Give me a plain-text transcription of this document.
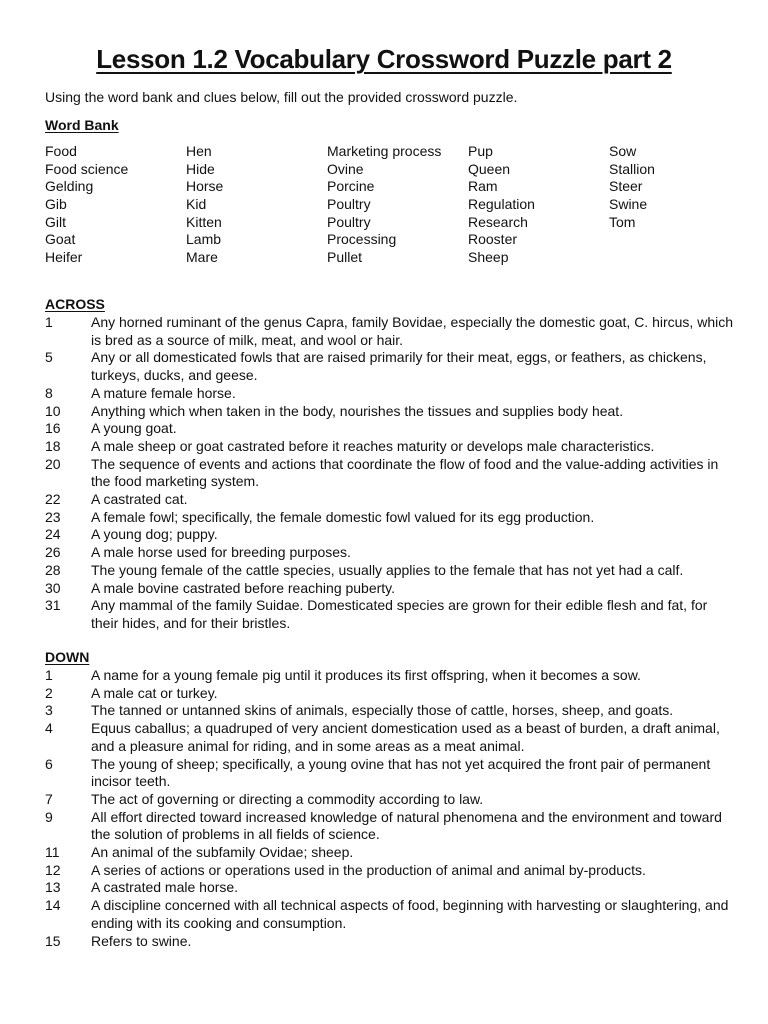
Lesson 1.2 Vocabulary Crossword Puzzle part 2
Using the word bank and clues below, fill out the provided crossword puzzle.
Word Bank
Food
Food science
Gelding
Gib
Gilt
Goat
Heifer
Hen
Hide
Horse
Kid
Kitten
Lamb
Mare
Marketing process
Ovine
Porcine
Poultry
Poultry
Processing
Pullet
Pup
Queen
Ram
Regulation
Research
Rooster
Sheep
Sow
Stallion
Steer
Swine
Tom
ACROSS
1	Any horned ruminant of the genus Capra, family Bovidae, especially the domestic goat, C. hircus, which is bred as a source of milk, meat, and wool or hair.
5	Any or all domesticated fowls that are raised primarily for their meat, eggs, or feathers, as chickens, turkeys, ducks, and geese.
8	A mature female horse.
10	Anything which when taken in the body, nourishes the tissues and supplies body heat.
16	A young goat.
18	A male sheep or goat castrated before it reaches maturity or develops male characteristics.
20	The sequence of events and actions that coordinate the flow of food and the value-adding activities in the food marketing system.
22	A castrated cat.
23	A female fowl; specifically, the female domestic fowl valued for its egg production.
24	A young dog; puppy.
26	A male horse used for breeding purposes.
28	The young female of the cattle species, usually applies to the female that has not yet had a calf.
30	A male bovine castrated before reaching puberty.
31	Any mammal of the family Suidae. Domesticated species are grown for their edible flesh and fat, for their hides, and for their bristles.
DOWN
1	A name for a young female pig until it produces its first offspring, when it becomes a sow.
2	A male cat or turkey.
3	The tanned or untanned skins of animals, especially those of cattle, horses, sheep, and goats.
4	Equus caballus; a quadruped of very ancient domestication used as a beast of burden, a draft animal, and a pleasure animal for riding, and in some areas as a meat animal.
6	The young of sheep; specifically, a young ovine that has not yet acquired the front pair of permanent incisor teeth.
7	The act of governing or directing a commodity according to law.
9	All effort directed toward increased knowledge of natural phenomena and the environment and toward the solution of problems in all fields of science.
11	An animal of the subfamily Ovidae; sheep.
12	A series of actions or operations used in the production of animal and animal by-products.
13	A castrated male horse.
14	A discipline concerned with all technical aspects of food, beginning with harvesting or slaughtering, and ending with its cooking and consumption.
15	Refers to swine.
